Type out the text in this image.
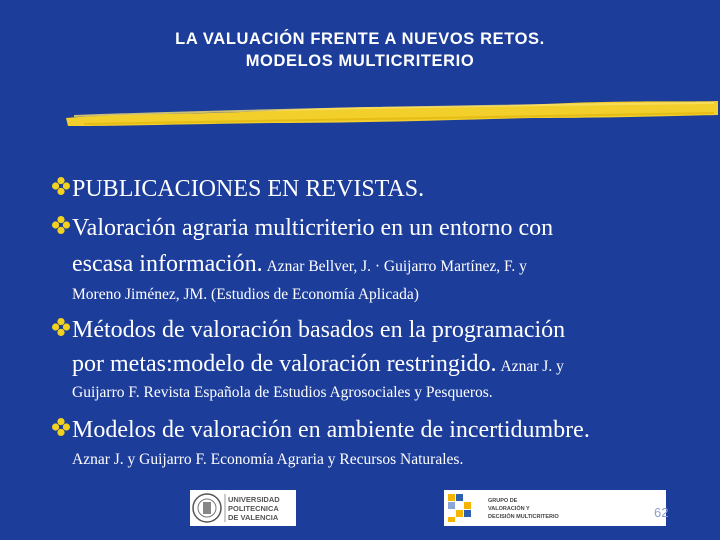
LA VALUACIÓN FRENTE A NUEVOS RETOS.
MODELOS MULTICRITERIO
PUBLICACIONES EN REVISTAS.
Valoración agraria multicriterio en un entorno con
escasa información. Aznar Bellver, J. · Guijarro Martínez, F. y
Moreno Jiménez, JM. (Estudios de Economía Aplicada)
Métodos de valoración basados en la programación
por metas:modelo de valoración restringido. Aznar J. y
Guijarro F. Revista Española de Estudios Agrosociales y Pesqueros.
Modelos de valoración en ambiente de incertidumbre.
Aznar J. y Guijarro F. Economía Agraria y Recursos Naturales.
UNIVERSIDAD
POLITECNICA
DE VALENCIA
GRUPO DE
VALORACIÓN Y
DECISIÓN MULTICRITERIO	62
